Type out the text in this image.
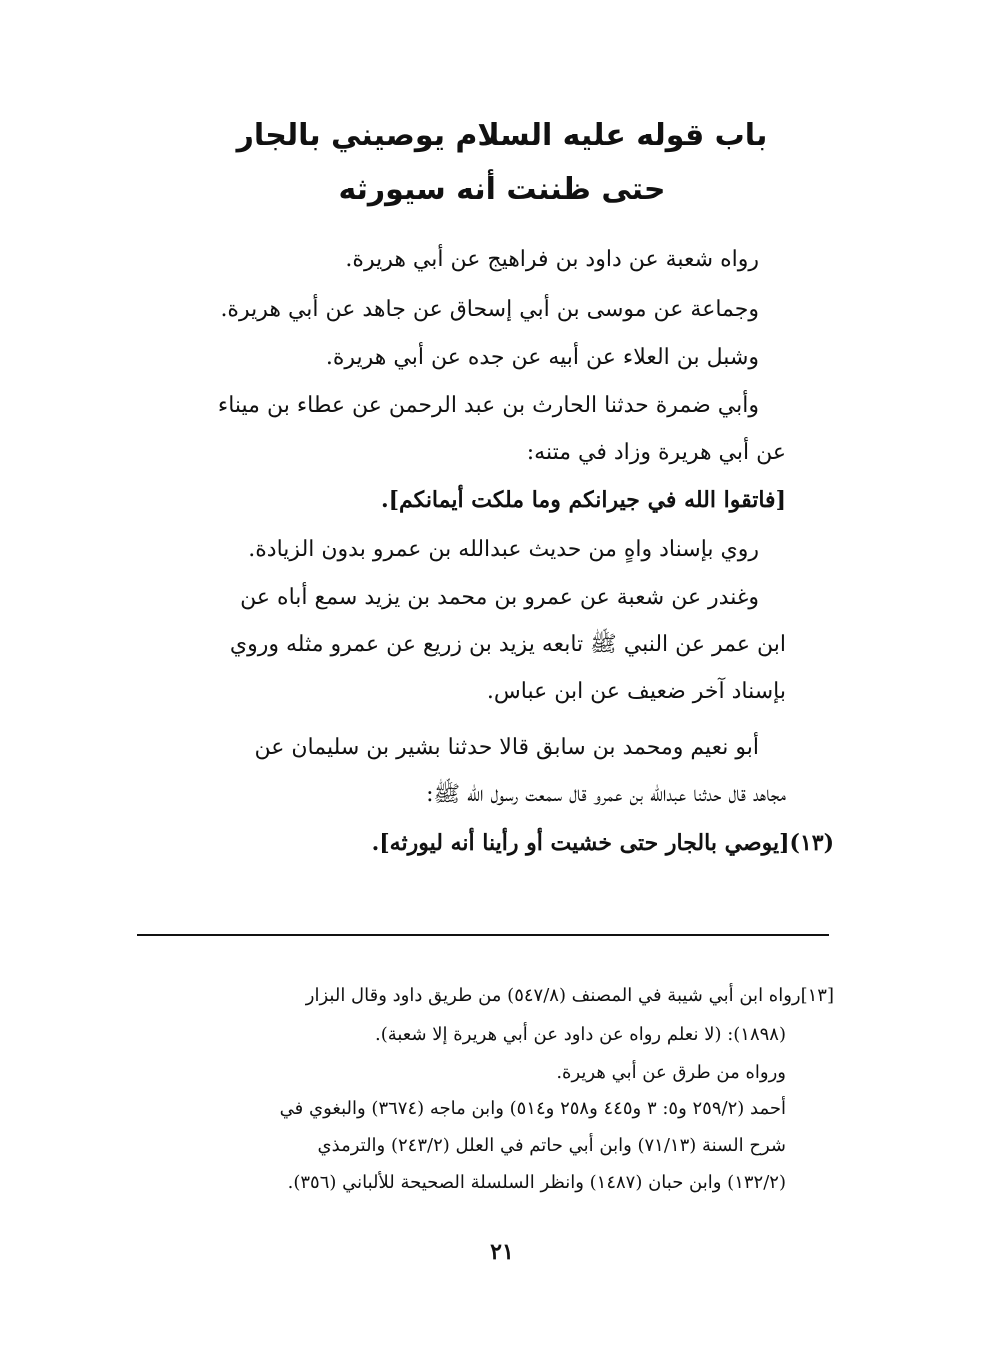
باب قوله عليه السلام يوصيني بالجار
حتى ظننت أنه سيورثه
رواه شعبة عن داود بن فراهيج عن أبي هريرة.
وجماعة عن موسى بن أبي إسحاق عن جاهد عن أبي هريرة.
وشبل بن العلاء عن أبيه عن جده عن أبي هريرة.
وأبي ضمرة حدثنا الحارث بن عبد الرحمن عن عطاء بن ميناء
عن أبي هريرة وزاد في متنه:
[فاتقوا الله في جيرانكم وما ملكت أيمانكم].
روي بإسناد واهٍ من حديث عبدالله بن عمرو بدون الزيادة.
وغندر عن شعبة عن عمرو بن محمد بن يزيد سمع أباه عن
ابن عمر عن النبي ﷺ تابعه يزيد بن زريع عن عمرو مثله وروي
بإسناد آخر ضعيف عن ابن عباس.
أبو نعيم ومحمد بن سابق قالا حدثنا بشير بن سليمان عن
مجاهد قال حدثنا عبدالله بن عمرو قال سمعت رسول الله ﷺ:
(١٣)[يوصي بالجار حتى خشيت أو رأينا أنه ليورثه].
[١٣]رواه ابن أبي شيبة في المصنف (٥٤٧/٨) من طريق داود وقال البزار
(١٨٩٨): (لا نعلم رواه عن داود عن أبي هريرة إلا شعبة).
ورواه من طرق عن أبي هريرة.
أحمد (٢٥٩/٢ و٥: ٣ و٤٤٥ و٢٥٨ و٥١٤) وابن ماجه (٣٦٧٤) والبغوي في
شرح السنة (٧١/١٣) وابن أبي حاتم في العلل (٢٤٣/٢) والترمذي
(١٣٢/٢) وابن حبان (١٤٨٧) وانظر السلسلة الصحيحة للألباني (٣٥٦).
٢١
